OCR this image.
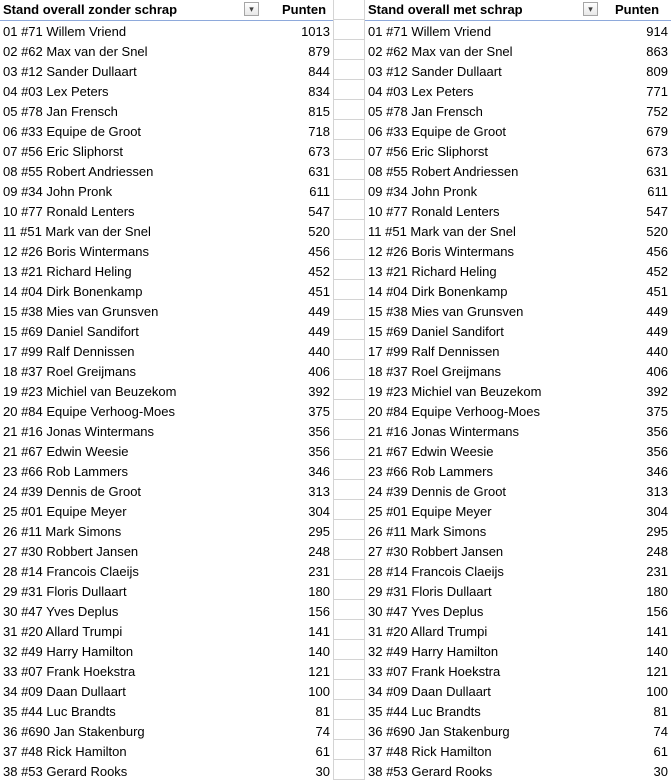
Stand overall zonder schrap	▾	Punten
01 #71 Willem Vriend	1013
02 #62 Max van der Snel	879
03 #12 Sander Dullaart	844
04 #03 Lex Peters	834
05 #78 Jan Frensch	815
06 #33 Equipe de Groot	718
07 #56 Eric Sliphorst	673
08 #55 Robert Andriessen	631
09 #34 John Pronk	611
10 #77 Ronald Lenters	547
11 #51 Mark van der Snel	520
12 #26 Boris Wintermans	456
13 #21 Richard Heling	452
14 #04 Dirk Bonenkamp	451
15 #38 Mies van Grunsven	449
15 #69 Daniel Sandifort	449
17 #99 Ralf Dennissen	440
18 #37 Roel Greijmans	406
19 #23 Michiel van Beuzekom	392
20 #84 Equipe Verhoog-Moes	375
21 #16 Jonas Wintermans	356
21 #67 Edwin Weesie	356
23 #66 Rob Lammers	346
24 #39 Dennis de Groot	313
25 #01 Equipe Meyer	304
26 #11 Mark Simons	295
27 #30 Robbert Jansen	248
28 #14 Francois Claeijs	231
29 #31 Floris Dullaart	180
30 #47 Yves Deplus	156
31 #20 Allard Trumpi	141
32 #49 Harry Hamilton	140
33 #07 Frank Hoekstra	121
34 #09 Daan Dullaart	100
35 #44 Luc Brandts	81
36 #690 Jan Stakenburg	74
37 #48 Rick Hamilton	61
38 #53 Gerard Rooks	30
Stand overall met schrap	▾	Punten
01 #71 Willem Vriend	914
02 #62 Max van der Snel	863
03 #12 Sander Dullaart	809
04 #03 Lex Peters	771
05 #78 Jan Frensch	752
06 #33 Equipe de Groot	679
07 #56 Eric Sliphorst	673
08 #55 Robert Andriessen	631
09 #34 John Pronk	611
10 #77 Ronald Lenters	547
11 #51 Mark van der Snel	520
12 #26 Boris Wintermans	456
13 #21 Richard Heling	452
14 #04 Dirk Bonenkamp	451
15 #38 Mies van Grunsven	449
15 #69 Daniel Sandifort	449
17 #99 Ralf Dennissen	440
18 #37 Roel Greijmans	406
19 #23 Michiel van Beuzekom	392
20 #84 Equipe Verhoog-Moes	375
21 #16 Jonas Wintermans	356
21 #67 Edwin Weesie	356
23 #66 Rob Lammers	346
24 #39 Dennis de Groot	313
25 #01 Equipe Meyer	304
26 #11 Mark Simons	295
27 #30 Robbert Jansen	248
28 #14 Francois Claeijs	231
29 #31 Floris Dullaart	180
30 #47 Yves Deplus	156
31 #20 Allard Trumpi	141
32 #49 Harry Hamilton	140
33 #07 Frank Hoekstra	121
34 #09 Daan Dullaart	100
35 #44 Luc Brandts	81
36 #690 Jan Stakenburg	74
37 #48 Rick Hamilton	61
38 #53 Gerard Rooks	30
